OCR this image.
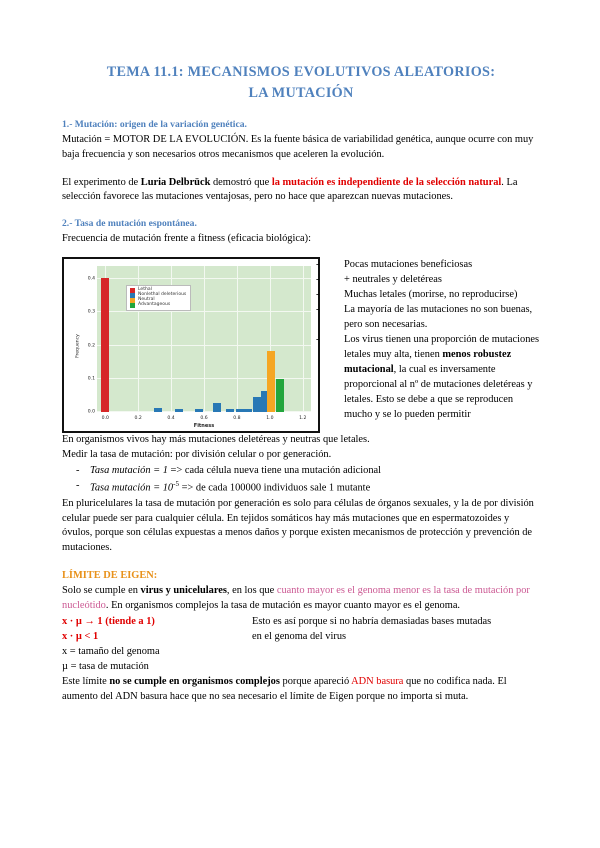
TEMA 11.1: MECANISMOS EVOLUTIVOS ALEATORIOS:
LA MUTACIÓN
1.- Mutación: origen de la variación genética.

Mutación = MOTOR DE LA EVOLUCIÓN. Es la fuente básica de variabilidad genética, aunque ocurre con muy baja frecuencia y son necesarios otros mecanismos que aceleren la evolución.

El experimento de Luria Delbrück demostró que la mutación es independiente de la selección natural. La selección favorece las mutaciones ventajosas, pero no hace que aparezcan nuevas mutaciones.

2.- Tasa de mutación espontánea.

Frecuencia de mutación frente a fitness (eficacia biológica):

Frequency
0.0
0.1
0.2
0.3
0.4
0.0	0.2	0.4	0.6	0.8	1.0	1.2
Fitness
Lethal
Nonlethal deleterious
Neutral
Advantageous

- Pocas mutaciones beneficiosas

- + neutrales y deletéreas

- Muchas letales (morirse, no reproducirse)

- La mayoría de las mutaciones no son buenas, pero son necesarias.

- Los virus tienen una proporción de mutaciones letales muy alta, tienen menos robustez mutacional, la cual es inversamente proporcional al nº de mutaciones deletéreas y letales. Esto se debe a que se reproducen mucho y se lo pueden permitir

En organismos vivos hay más mutaciones deletéreas y neutras que letales.

Medir la tasa de mutación: por división celular o por generación.

- Tasa mutación = 1 => cada célula nueva tiene una mutación adicional
- Tasa mutación = $10^{-5}$ => de cada 100000 individuos sale 1 mutante

En pluricelulares la tasa de mutación por generación es solo para células de órganos sexuales, y la de por división celular puede ser para cualquier célula. En tejidos somáticos hay más mutaciones que en espermatozoides y óvulos, porque son células expuestas a menos daños y porque existen mecanismos de protección y prevención de mutaciones.

LÍMITE DE EIGEN:

Solo se cumple en virus y unicelulares, en los que cuanto mayor es el genoma menor es la tasa de mutación por nucleótido. En organismos complejos la tasa de mutación es mayor cuanto mayor es el genoma.

x · µ → 1 (tiende a 1)	Esto es así porque si no habría demasiadas bases mutadas
x · µ < 1	en el genoma del virus
x = tamaño del genoma
µ = tasa de mutación

Este límite no se cumple en organismos complejos porque apareció ADN basura que no codifica nada. El aumento del ADN basura hace que no sea necesario el límite de Eigen porque no importa si muta.
